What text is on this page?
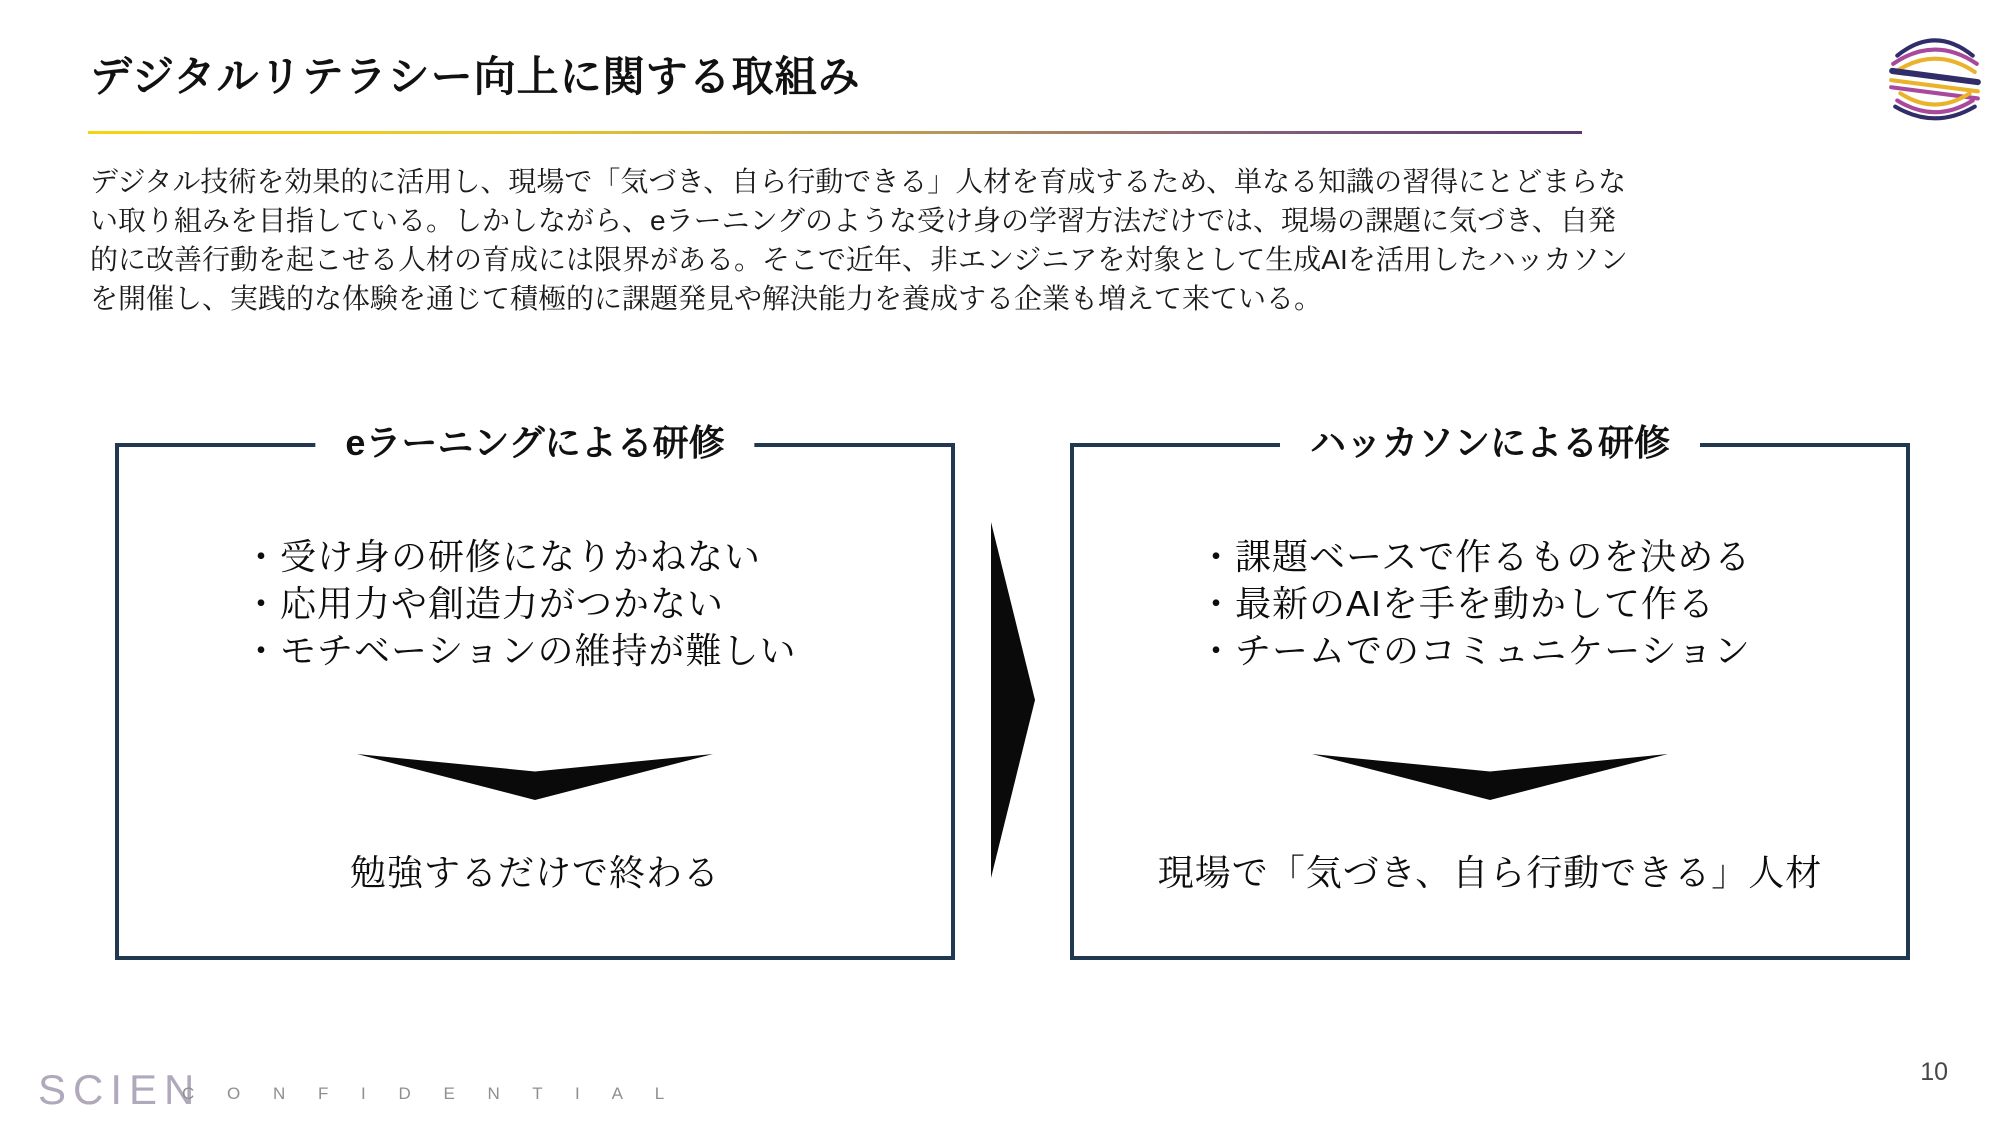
デジタルリテラシー向上に関する取組み
デジタル技術を効果的に活用し、現場で「気づき、自ら行動できる」人材を育成するため、単なる知識の習得にとどまらな
い取り組みを目指している。しかしながら、eラーニングのような受け身の学習方法だけでは、現場の課題に気づき、自発
的に改善行動を起こせる人材の育成には限界がある。そこで近年、非エンジニアを対象として生成AIを活用したハッカソン
を開催し、実践的な体験を通じて積極的に課題発見や解決能力を養成する企業も増えて来ている。
eラーニングによる研修
・受け身の研修になりかねない
・応用力や創造力がつかない
・モチベーションの維持が難しい
勉強するだけで終わる
ハッカソンによる研修
・課題ベースで作るものを決める
・最新のAIを手を動かして作る
・チームでのコミュニケーション
現場で「気づき、自ら行動できる」人材
SCIEN
C O N F I D E N T I A L
10
